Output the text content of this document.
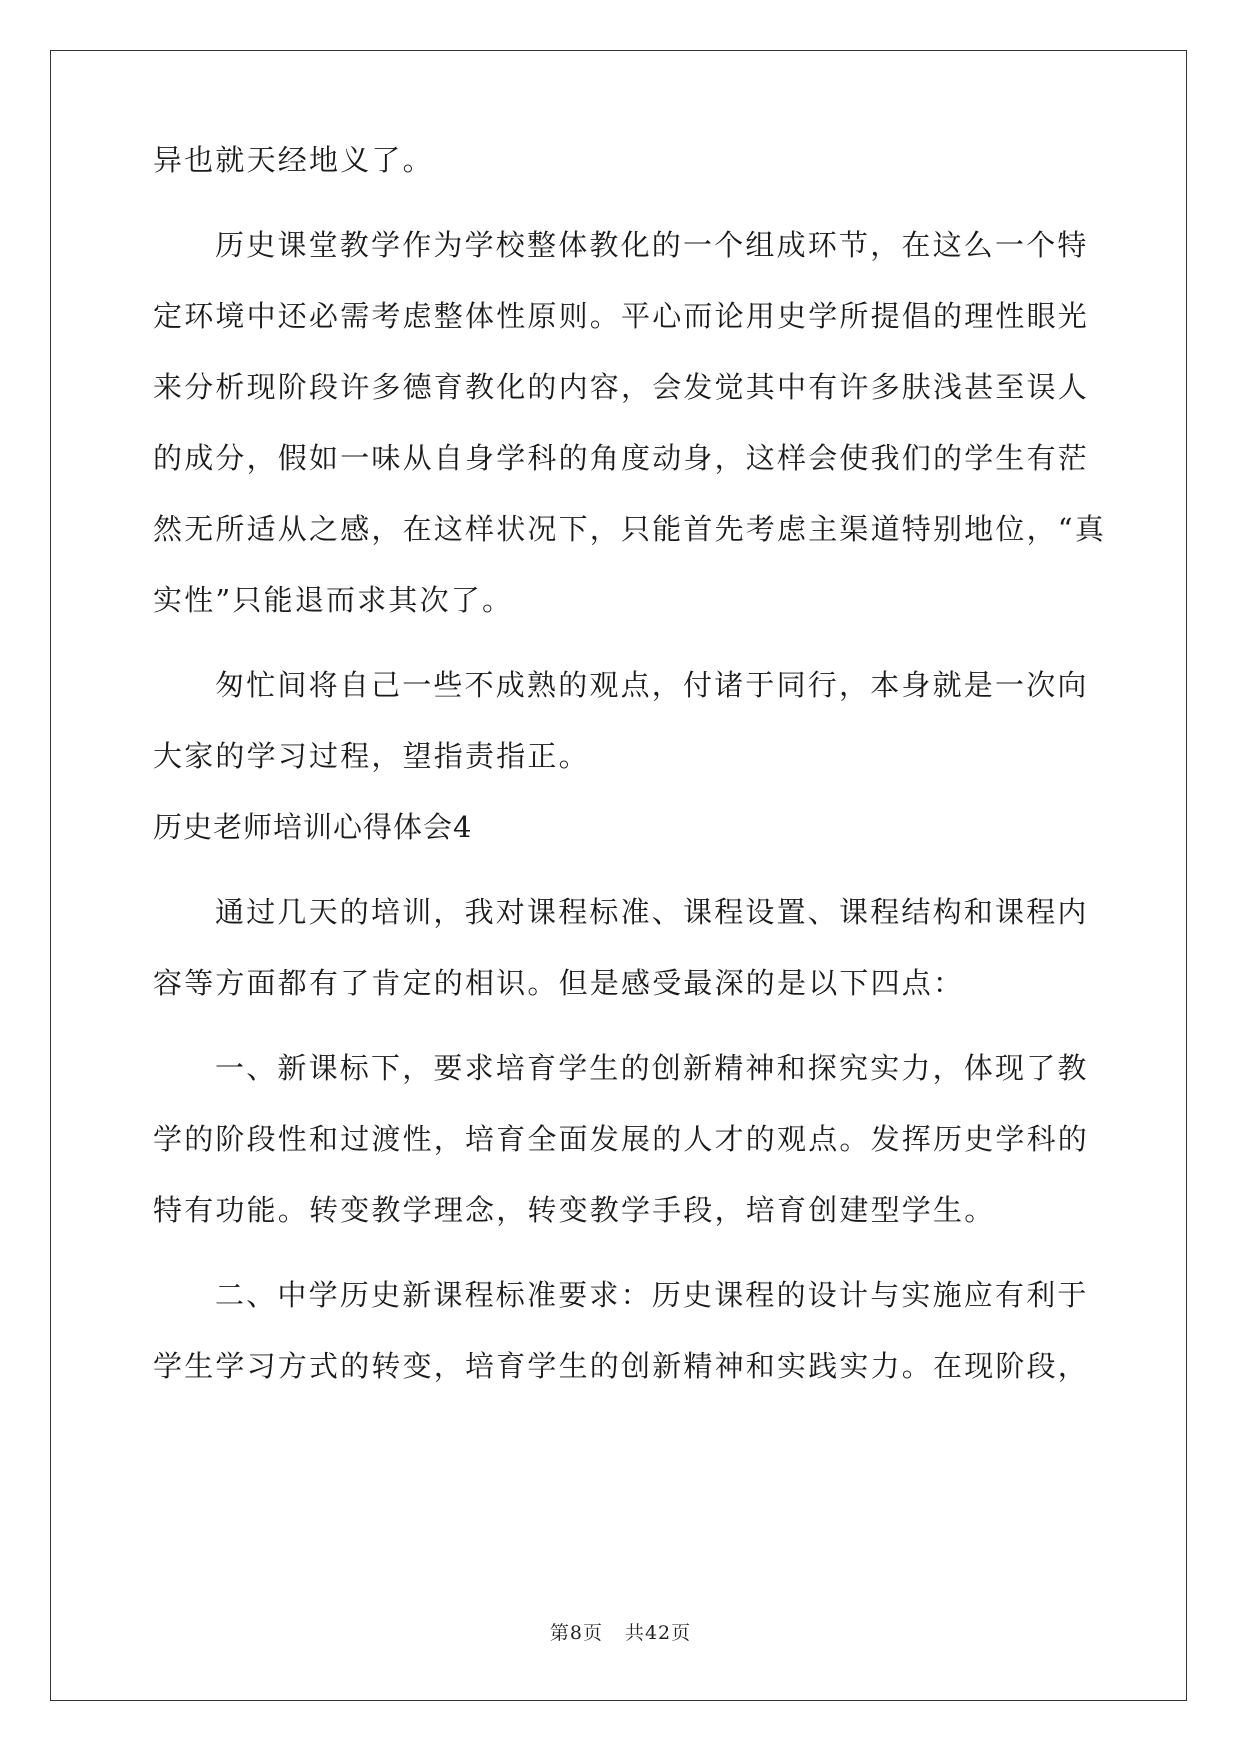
异也就天经地义了。
历史课堂教学作为学校整体教化的一个组成环节，在这么一个特
定环境中还必需考虑整体性原则。平心而论用史学所提倡的理性眼光
来分析现阶段许多德育教化的内容，会发觉其中有许多肤浅甚至误人
的成分，假如一味从自身学科的角度动身，这样会使我们的学生有茫
然无所适从之感，在这样状况下，只能首先考虑主渠道特别地位，“真
实性”只能退而求其次了。
匆忙间将自己一些不成熟的观点，付诸于同行，本身就是一次向
大家的学习过程，望指责指正。
历史老师培训心得体会4
通过几天的培训，我对课程标准、课程设置、课程结构和课程内
容等方面都有了肯定的相识。但是感受最深的是以下四点：
一、新课标下，要求培育学生的创新精神和探究实力，体现了教
学的阶段性和过渡性，培育全面发展的人才的观点。发挥历史学科的
特有功能。转变教学理念，转变教学手段，培育创建型学生。
二、中学历史新课程标准要求：历史课程的设计与实施应有利于
学生学习方式的转变，培育学生的创新精神和实践实力。在现阶段，
第8页 共42页
